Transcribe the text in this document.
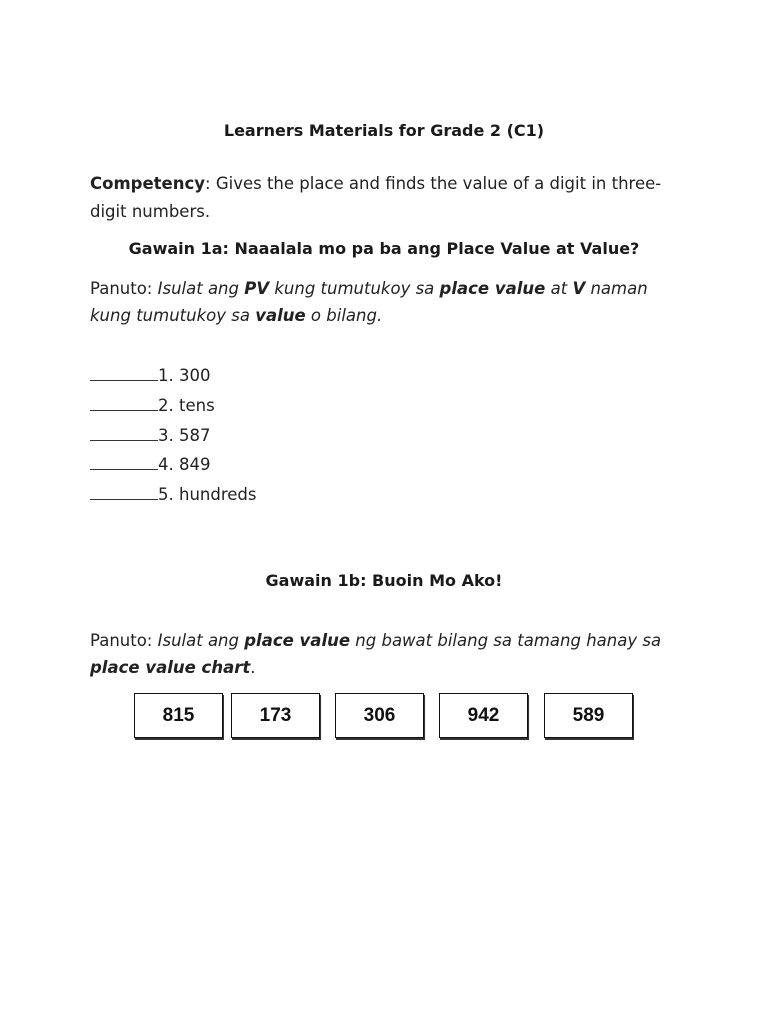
Learners Materials for Grade 2 (C1)
Competency: Gives the place and finds the value of a digit in three-digit numbers.
Gawain 1a: Naaalala mo pa ba ang Place Value at Value?
Panuto: Isulat ang PV kung tumutukoy sa place value at V naman kung tumutukoy sa value o bilang.
1. 300
2. tens
3. 587
4. 849
5. hundreds
Gawain 1b: Buoin Mo Ako!
Panuto: Isulat ang place value ng bawat bilang sa tamang hanay sa place value chart.
815	173	306	942	589
